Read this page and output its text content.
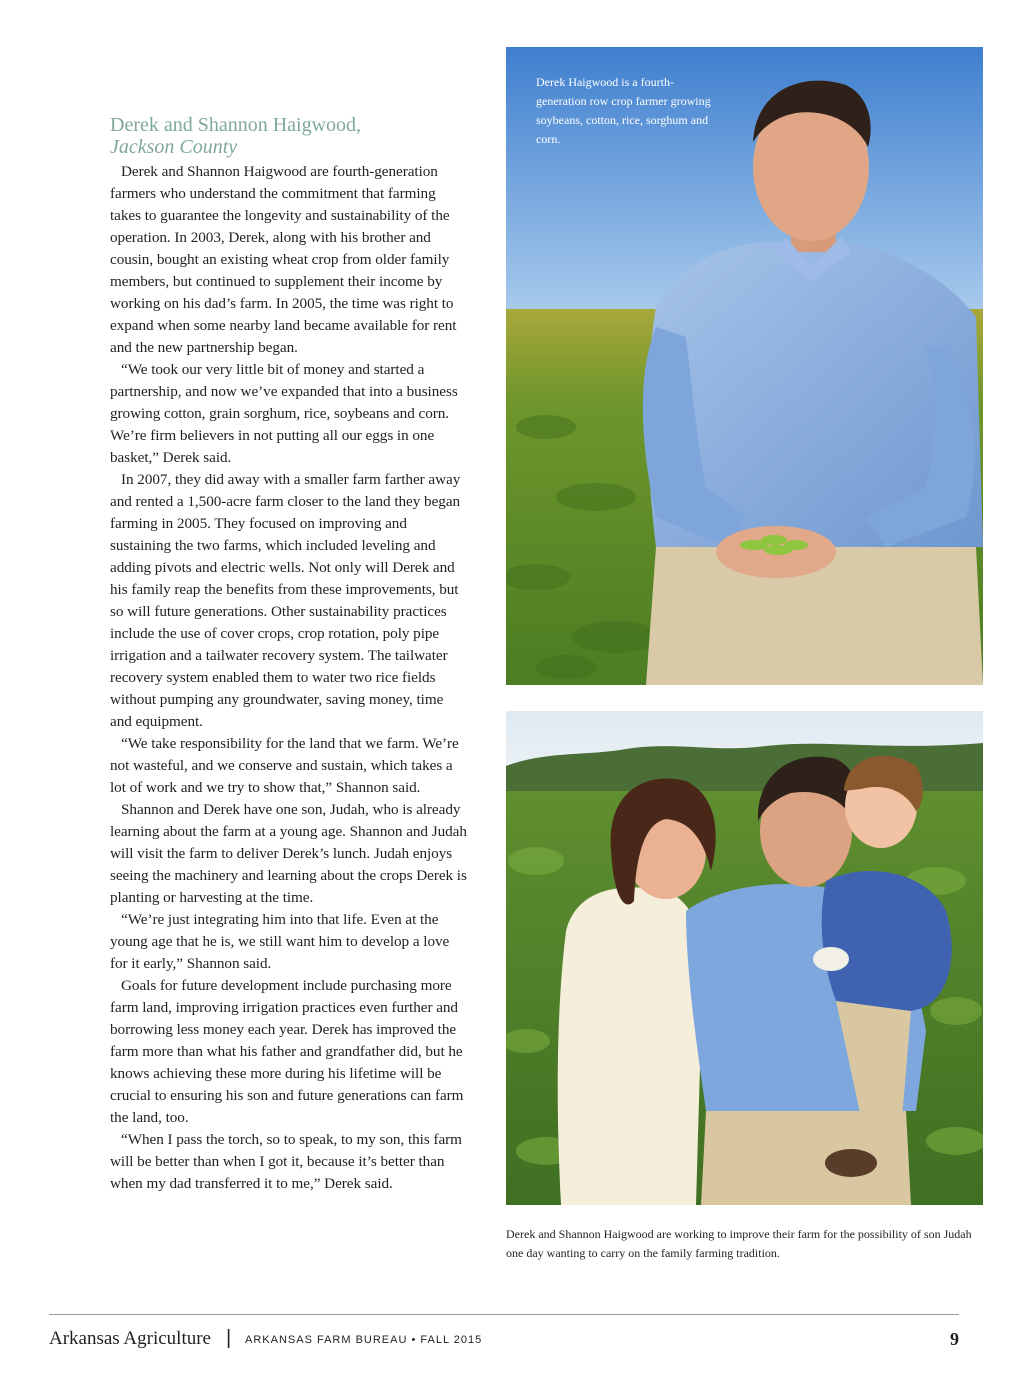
Derek and Shannon Haigwood,
Jackson County

Derek and Shannon Haigwood are fourth-generation farmers who understand the commitment that farming takes to guarantee the longevity and sustainability of the operation. In 2003, Derek, along with his brother and cousin, bought an existing wheat crop from older family members, but continued to supplement their income by working on his dad’s farm. In 2005, the time was right to expand when some nearby land became available for rent and the new partnership began.

“We took our very little bit of money and started a partnership, and now we’ve expanded that into a business growing cotton, grain sorghum, rice, soybeans and corn. We’re firm believers in not putting all our eggs in one basket,” Derek said.

In 2007, they did away with a smaller farm farther away and rented a 1,500-acre farm closer to the land they began farming in 2005. They focused on improving and sustaining the two farms, which included leveling and adding pivots and electric wells. Not only will Derek and his family reap the benefits from these improvements, but so will future generations. Other sustainability practices include the use of cover crops, crop rotation, poly pipe irrigation and a tailwater recovery system. The tailwater recovery system enabled them to water two rice fields without pumping any groundwater, saving money, time and equipment.

“We take responsibility for the land that we farm. We’re not wasteful, and we conserve and sustain, which takes a lot of work and we try to show that,” Shannon said.

Shannon and Derek have one son, Judah, who is already learning about the farm at a young age. Shannon and Judah will visit the farm to deliver Derek’s lunch. Judah enjoys seeing the machinery and learning about the crops Derek is planting or harvesting at the time.

“We’re just integrating him into that life. Even at the young age that he is, we still want him to develop a love for it early,” Shannon said.

Goals for future development include purchasing more farm land, improving irrigation practices even further and borrowing less money each year. Derek has improved the farm more than what his father and grandfather did, but he knows achieving these more during his lifetime will be crucial to ensuring his son and future generations can farm the land, too.

“When I pass the torch, so to speak, to my son, this farm will be better than when I got it, because it’s better than when my dad transferred it to me,” Derek said.

Derek Haigwood is a fourth-generation row crop farmer growing soybeans, cotton, rice, sorghum and corn.
Derek and Shannon Haigwood are working to improve their farm for the possibility of son Judah one day wanting to carry on the family farming tradition.
Arkansas Agriculture | ARKANSAS FARM BUREAU • FALL 2015	9
